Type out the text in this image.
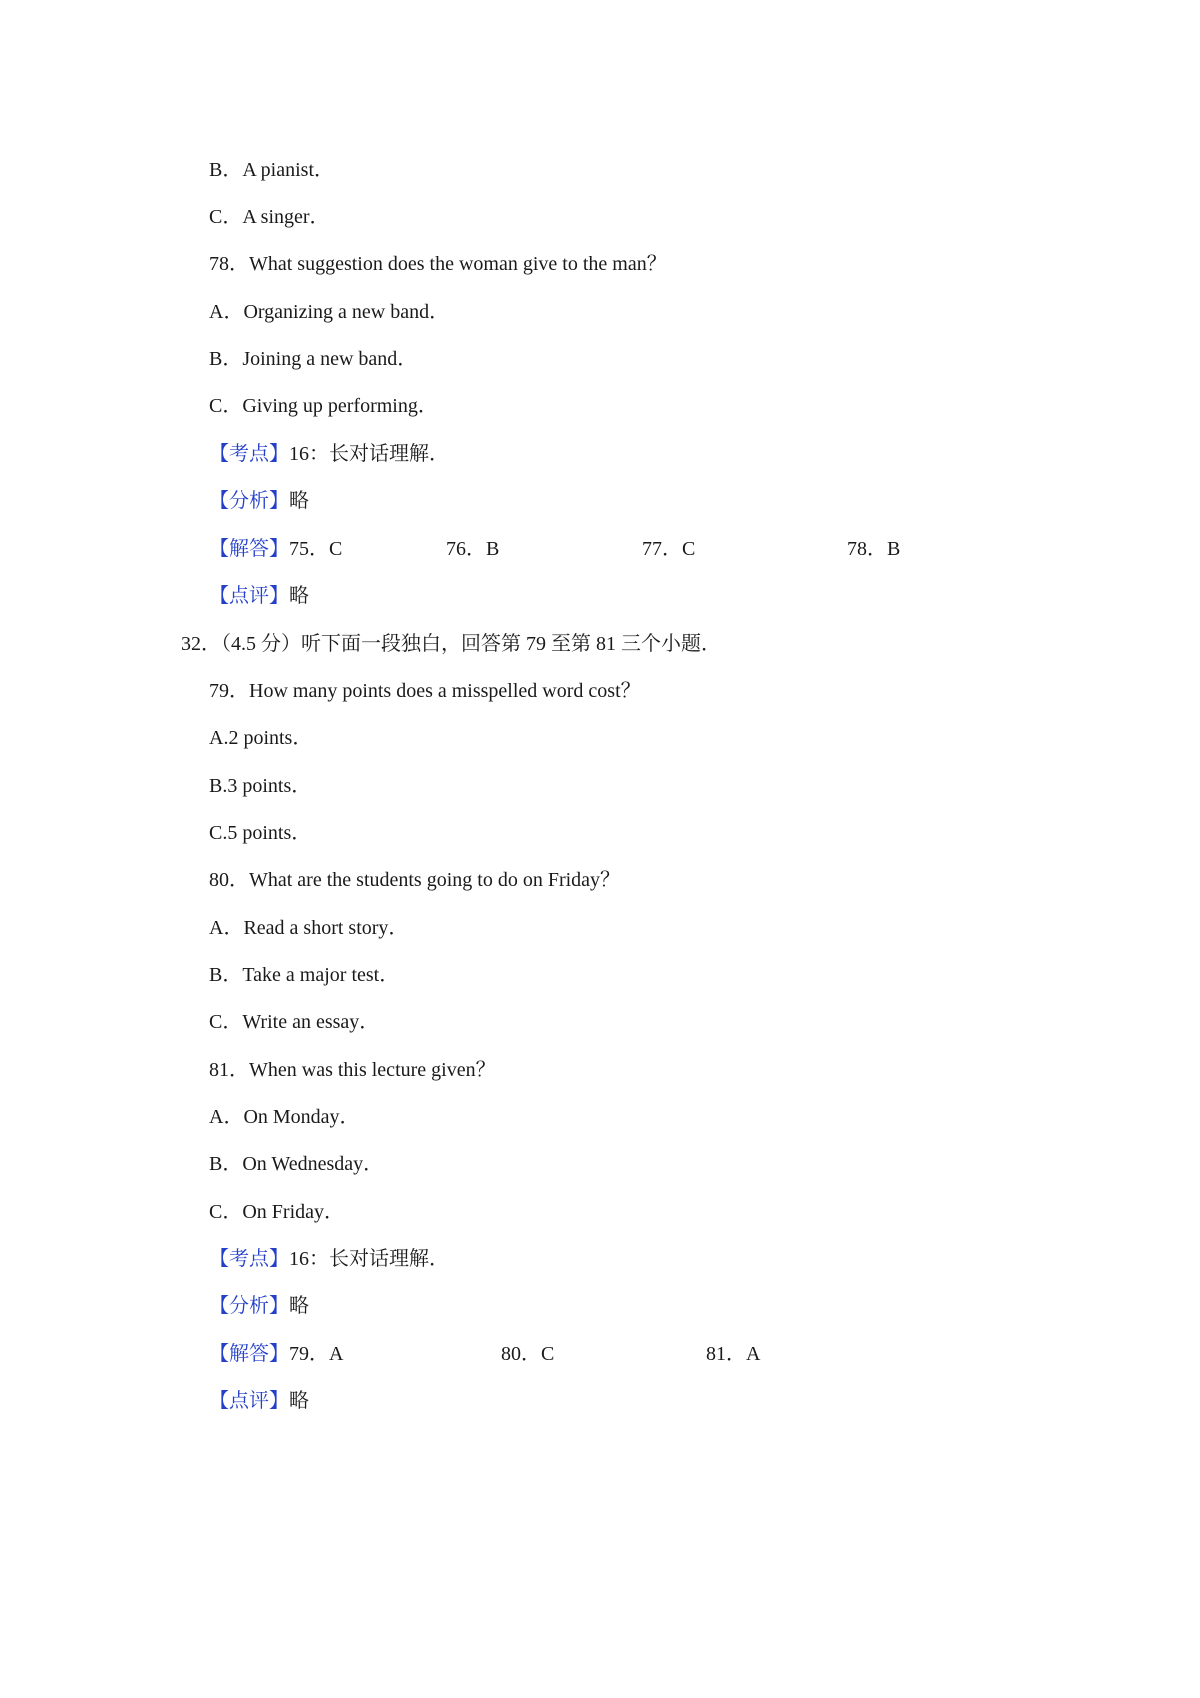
B．A pianist．
C．A singer．
78．What suggestion does the woman give to the man？
A．Organizing a new band．
B．Joining a new band．
C．Giving up performing．
【考点】16：长对话理解．
【分析】略
【解答】75．C	76．B	77．C	78．B
【点评】略
32．（4.5 分）听下面一段独白，回答第 79 至第 81 三个小题．
79．How many points does a misspelled word cost？
A.2 points．
B.3 points．
C.5 points．
80．What are the students going to do on Friday？
A．Read a short story．
B．Take a major test．
C．Write an essay．
81．When was this lecture given？
A．On Monday．
B．On Wednesday．
C．On Friday．
【考点】16：长对话理解．
【分析】略
【解答】79．A	80．C	81．A
【点评】略
